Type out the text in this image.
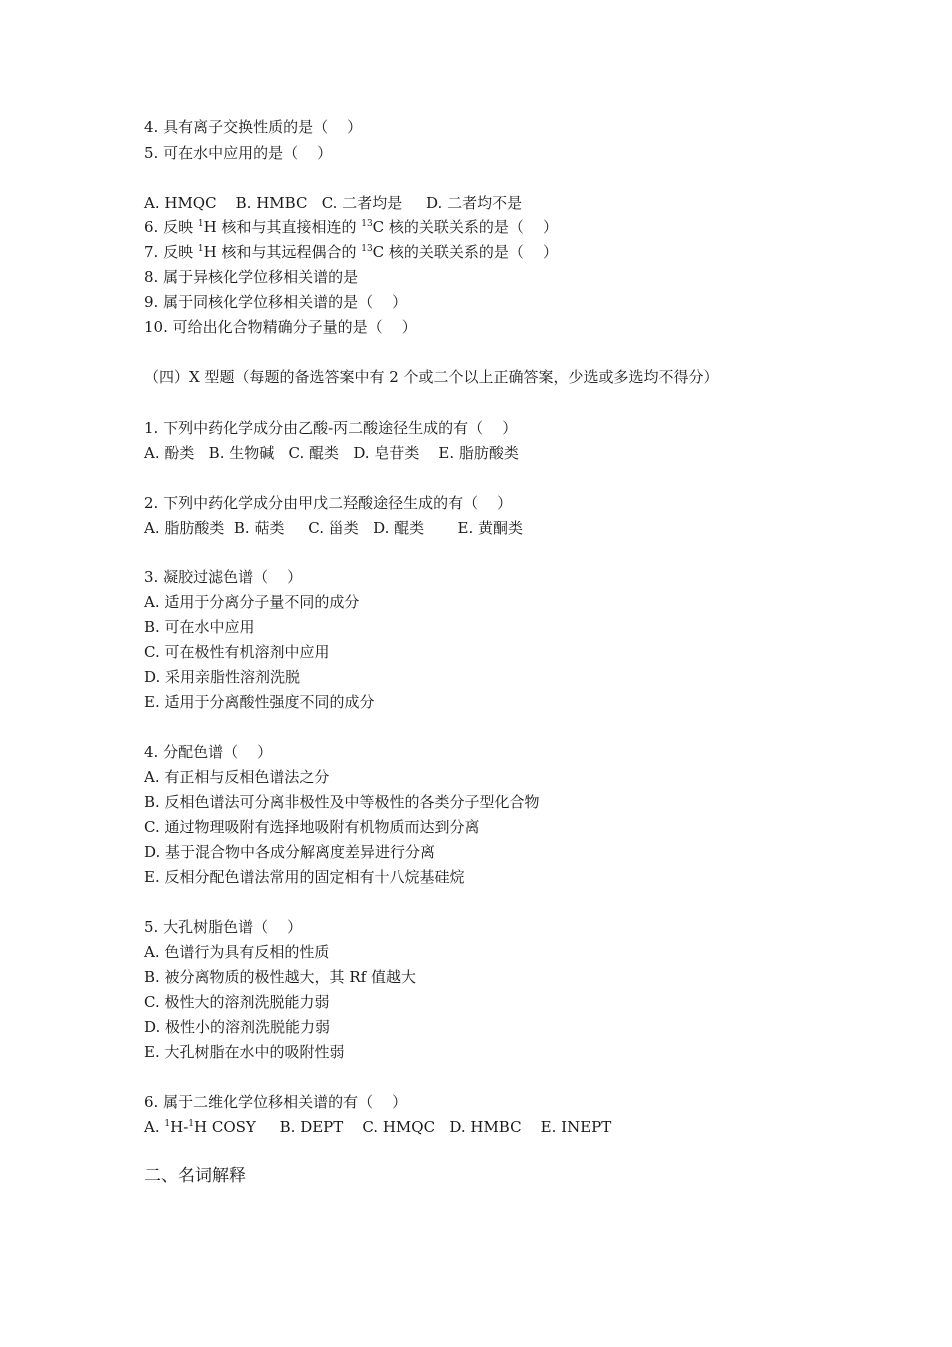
4. 具有离子交换性质的是（    ）
5. 可在水中应用的是（    ）
A. HMQC    B. HMBC   C. 二者均是     D. 二者均不是
6. 反映 $^1$H 核和与其直接相连的 $^{13}$C 核的关联关系的是（    ）
7. 反映 $^1$H 核和与其远程偶合的 $^{13}$C 核的关联关系的是（    ）
8. 属于异核化学位移相关谱的是
9. 属于同核化学位移相关谱的是（    ）
10. 可给出化合物精确分子量的是（    ）
（四）X 型题（每题的备选答案中有 2 个或二个以上正确答案，少选或多选均不得分）
1. 下列中药化学成分由乙酸-丙二酸途径生成的有（    ）
A. 酚类   B. 生物碱   C. 醌类   D. 皂苷类    E. 脂肪酸类
2. 下列中药化学成分由甲戊二羟酸途径生成的有（    ）
A. 脂肪酸类  B. 萜类     C. 甾类   D. 醌类       E. 黄酮类
3. 凝胶过滤色谱（    ）
A. 适用于分离分子量不同的成分
B. 可在水中应用
C. 可在极性有机溶剂中应用
D. 采用亲脂性溶剂洗脱
E. 适用于分离酸性强度不同的成分
4. 分配色谱（    ）
A. 有正相与反相色谱法之分
B. 反相色谱法可分离非极性及中等极性的各类分子型化合物
C. 通过物理吸附有选择地吸附有机物质而达到分离
D. 基于混合物中各成分解离度差异进行分离
E. 反相分配色谱法常用的固定相有十八烷基硅烷
5. 大孔树脂色谱（    ）
A. 色谱行为具有反相的性质
B. 被分离物质的极性越大，其 Rf 值越大
C. 极性大的溶剂洗脱能力弱
D. 极性小的溶剂洗脱能力弱
E. 大孔树脂在水中的吸附性弱
6. 属于二维化学位移相关谱的有（    ）
A. $^1$H-$^1$H COSY     B. DEPT    C. HMQC   D. HMBC    E. INEPT
二、名词解释
